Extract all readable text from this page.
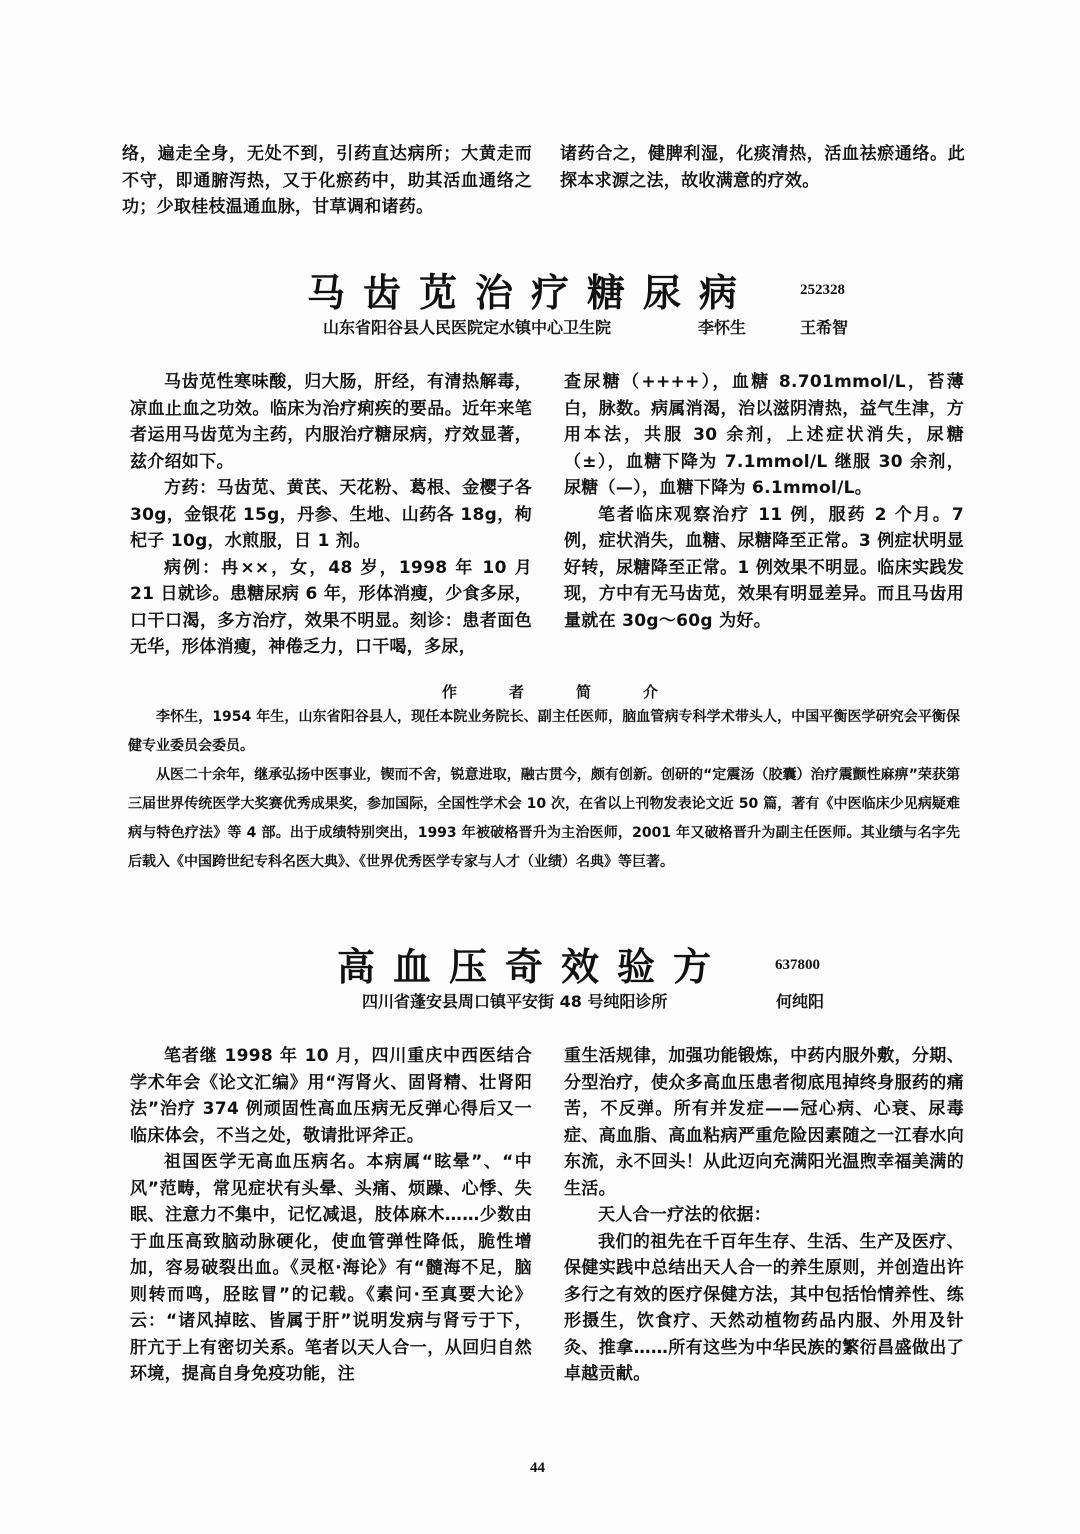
络，遍走全身，无处不到，引药直达病所；大黄走而不守，即通腑泻热，又于化瘀药中，助其活血通络之功；少取桂枝温通血脉，甘草调和诸药。

诸药合之，健脾利湿，化痰清热，活血祛瘀通络。此探本求源之法，故收满意的疗效。

马齿苋治疗糖尿病	252328
山东省阳谷县人民医院定水镇中心卫生院	李怀生	王希智

马齿苋性寒味酸，归大肠，肝经，有清热解毒，凉血止血之功效。临床为治疗痢疾的要品。近年来笔者运用马齿苋为主药，内服治疗糖尿病，疗效显著，兹介绍如下。

方药：马齿苋、黄芪、天花粉、葛根、金樱子各 30g，金银花 15g，丹参、生地、山药各 18g，枸杞子 10g，水煎服，日 1 剂。

病例：冉××，女，48 岁，1998 年 10 月 21 日就诊。患糖尿病 6 年，形体消瘦，少食多尿，口干口渴，多方治疗，效果不明显。刻诊：患者面色无华，形体消瘦，神倦乏力，口干喝，多尿，

查尿糖（++++），血糖 8.701mmol/L，苔薄白，脉数。病属消渴，治以滋阴清热，益气生津，方用本法，共服 30 余剂，上述症状消失，尿糖（±），血糖下降为 7.1mmol/L 继服 30 余剂，尿糖（—），血糖下降为 6.1mmol/L。

笔者临床观察治疗 11 例，服药 2 个月。7 例，症状消失，血糖、尿糖降至正常。3 例症状明显好转，尿糖降至正常。1 例效果不明显。临床实践发现，方中有无马齿苋，效果有明显差异。而且马齿用量就在 30g～60g 为好。

作者简介

李怀生，1954 年生，山东省阳谷县人，现任本院业务院长、副主任医师，脑血管病专科学术带头人，中国平衡医学研究会平衡保健专业委员会委员。

从医二十余年，继承弘扬中医事业，锲而不舍，锐意进取，融古贯今，颇有创新。创研的“定震汤（胶囊）治疗震颤性麻痹”荣获第三届世界传统医学大奖赛优秀成果奖，参加国际，全国性学术会 10 次，在省以上刊物发表论文近 50 篇，著有《中医临床少见病疑难病与特色疗法》等 4 部。出于成绩特别突出，1993 年被破格晋升为主治医师，2001 年又破格晋升为副主任医师。其业绩与名字先后载入《中国跨世纪专科名医大典》、《世界优秀医学专家与人才（业绩）名典》等巨著。

高血压奇效验方	637800
四川省蓬安县周口镇平安街 48 号纯阳诊所	何纯阳

笔者继 1998 年 10 月，四川重庆中西医结合学术年会《论文汇编》用“泻肾火、固肾精、壮肾阳法”治疗 374 例顽固性高血压病无反弹心得后又一临床体会，不当之处，敬请批评斧正。

祖国医学无高血压病名。本病属“眩晕”、“中风”范畴，常见症状有头晕、头痛、烦躁、心悸、失眠、注意力不集中，记忆减退，肢体麻木……少数由于血压高致脑动脉硬化，使血管弹性降低，脆性增加，容易破裂出血。《灵枢·海论》有“髓海不足，脑则转而鸣，胫眩冒”的记载。《素问·至真要大论》云：“诸风掉眩、皆属于肝”说明发病与肾亏于下，肝亢于上有密切关系。笔者以天人合一，从回归自然环境，提高自身免疫功能，注

重生活规律，加强功能锻炼，中药内服外敷，分期、分型治疗，使众多高血压患者彻底甩掉终身服药的痛苦，不反弹。所有并发症——冠心病、心衰、尿毒症、高血脂、高血粘病严重危险因素随之一江春水向东流，永不回头！从此迈向充满阳光温煦幸福美满的生活。

天人合一疗法的依据：

我们的祖先在千百年生存、生活、生产及医疗、保健实践中总结出天人合一的养生原则，并创造出许多行之有效的医疗保健方法，其中包括怡情养性、练形摄生，饮食疗、天然动植物药品内服、外用及针灸、推拿……所有这些为中华民族的繁衍昌盛做出了卓越贡献。

44
